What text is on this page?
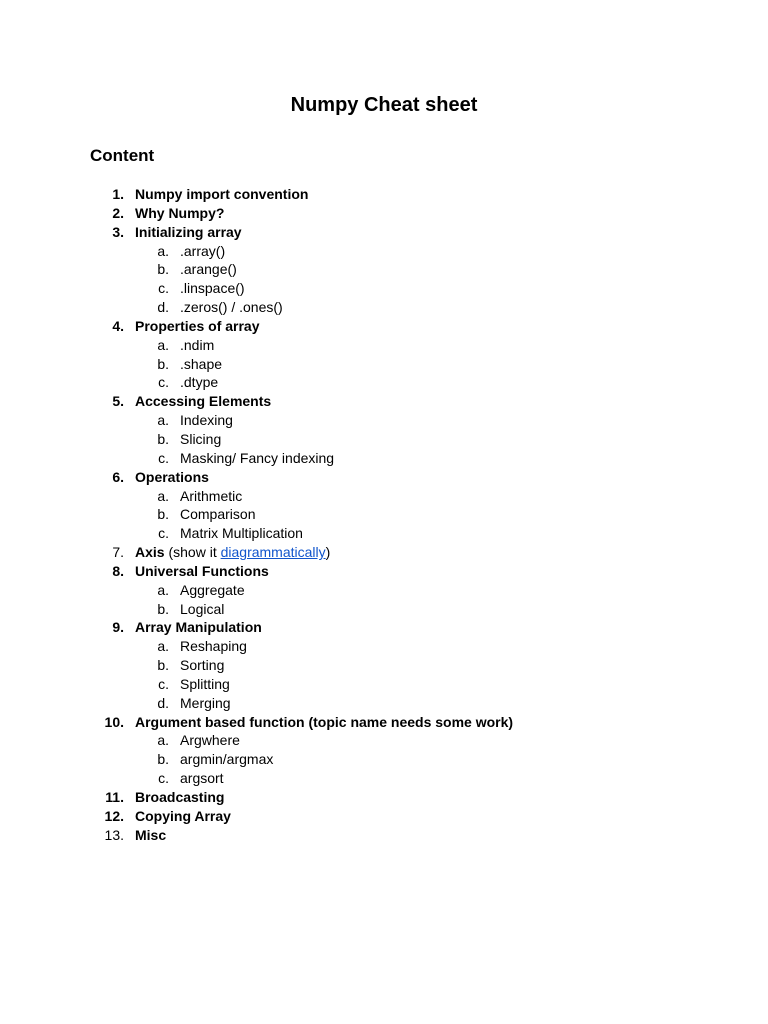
Numpy Cheat sheet
Content
1. Numpy import convention
2. Why Numpy?
3. Initializing array
a. .array()
b. .arange()
c. .linspace()
d. .zeros() / .ones()
4. Properties of array
a. .ndim
b. .shape
c. .dtype
5. Accessing Elements
a. Indexing
b. Slicing
c. Masking/ Fancy indexing
6. Operations
a. Arithmetic
b. Comparison
c. Matrix Multiplication
7. Axis (show it diagrammatically)
8. Universal Functions
a. Aggregate
b. Logical
9. Array Manipulation
a. Reshaping
b. Sorting
c. Splitting
d. Merging
10. Argument based function (topic name needs some work)
a. Argwhere
b. argmin/argmax
c. argsort
11. Broadcasting
12. Copying Array
13. Misc
